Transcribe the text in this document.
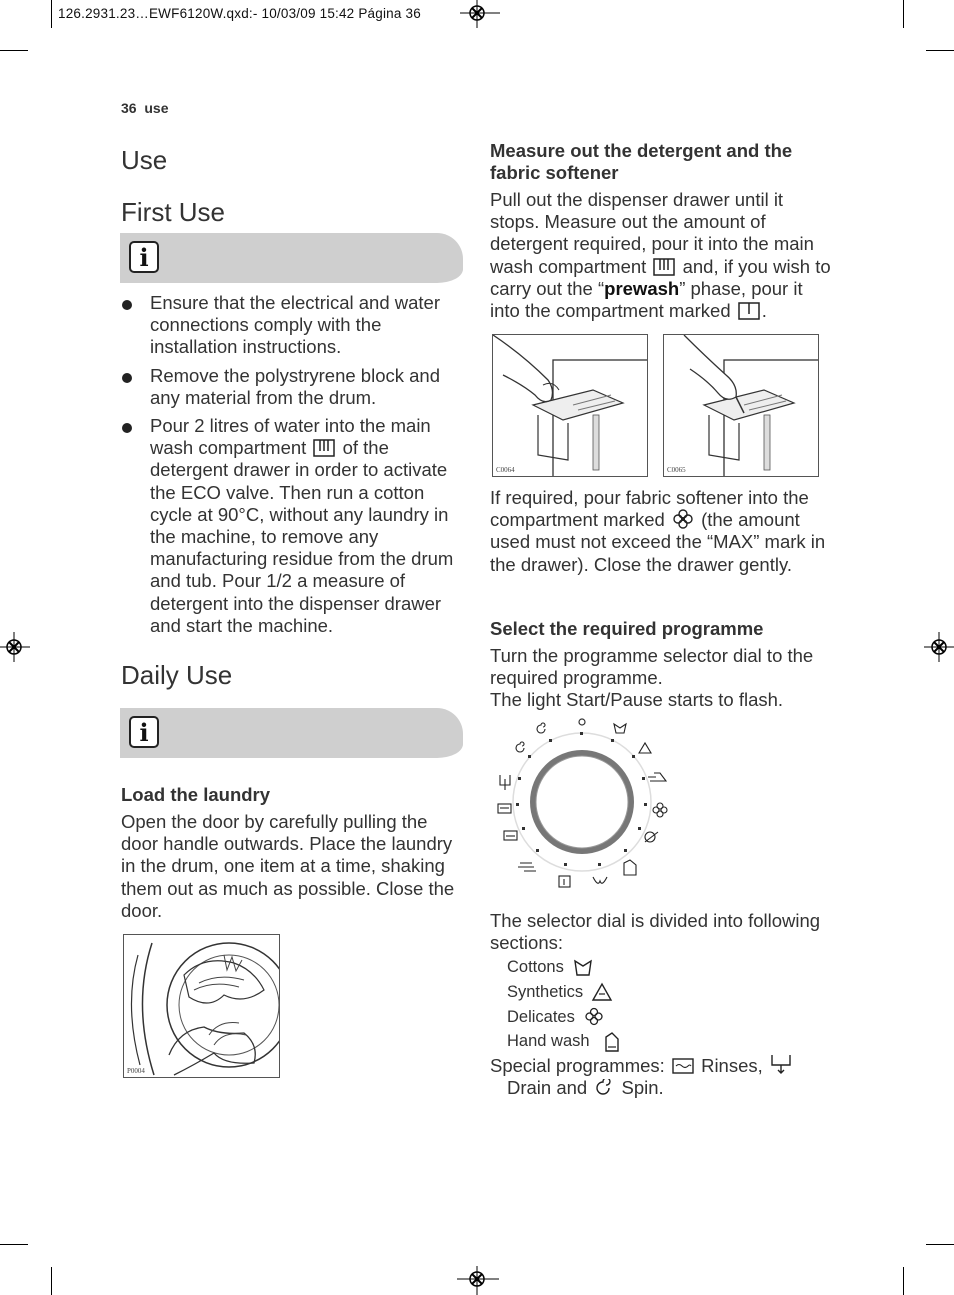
126.2931.23…EWF6120W.qxd:- 10/03/09 15:42 Página 36
36 use
Use
First Use
i
Ensure that the electrical and water connections comply with the installation instructions.
Remove the polystryrene block and any material from the drum.
Pour 2 litres of water into the main wash compartment of the detergent drawer in order to activate the ECO valve. Then run a cotton cycle at 90°C, without any laundry in the machine, to remove any manufacturing residue from the drum and tub. Pour 1/2 a measure of detergent into the dispenser drawer and start the machine.
Daily Use
i
Load the laundry
Open the door by carefully pulling the door handle outwards. Place the laundry in the drum, one item at a time, shaking them out as much as possible. Close the door.
P0004
Measure out the detergent and the fabric softener
Pull out the dispenser drawer until it stops. Measure out the amount of detergent required, pour it into the main wash compartment and, if you wish to carry out the “prewash” phase, pour it into the compartment marked .
C0064	C0065
If required, pour fabric softener into the compartment marked (the amount used must not exceed the “MAX” mark in the drawer). Close the drawer gently.
Select the required programme
Turn the programme selector dial to the required programme.
The light Start/Pause starts to flash.
The selector dial is divided into following sections:
Cottons
Synthetics
Delicates
Hand wash
Special programmes: Rinses,
Drain and Spin.
